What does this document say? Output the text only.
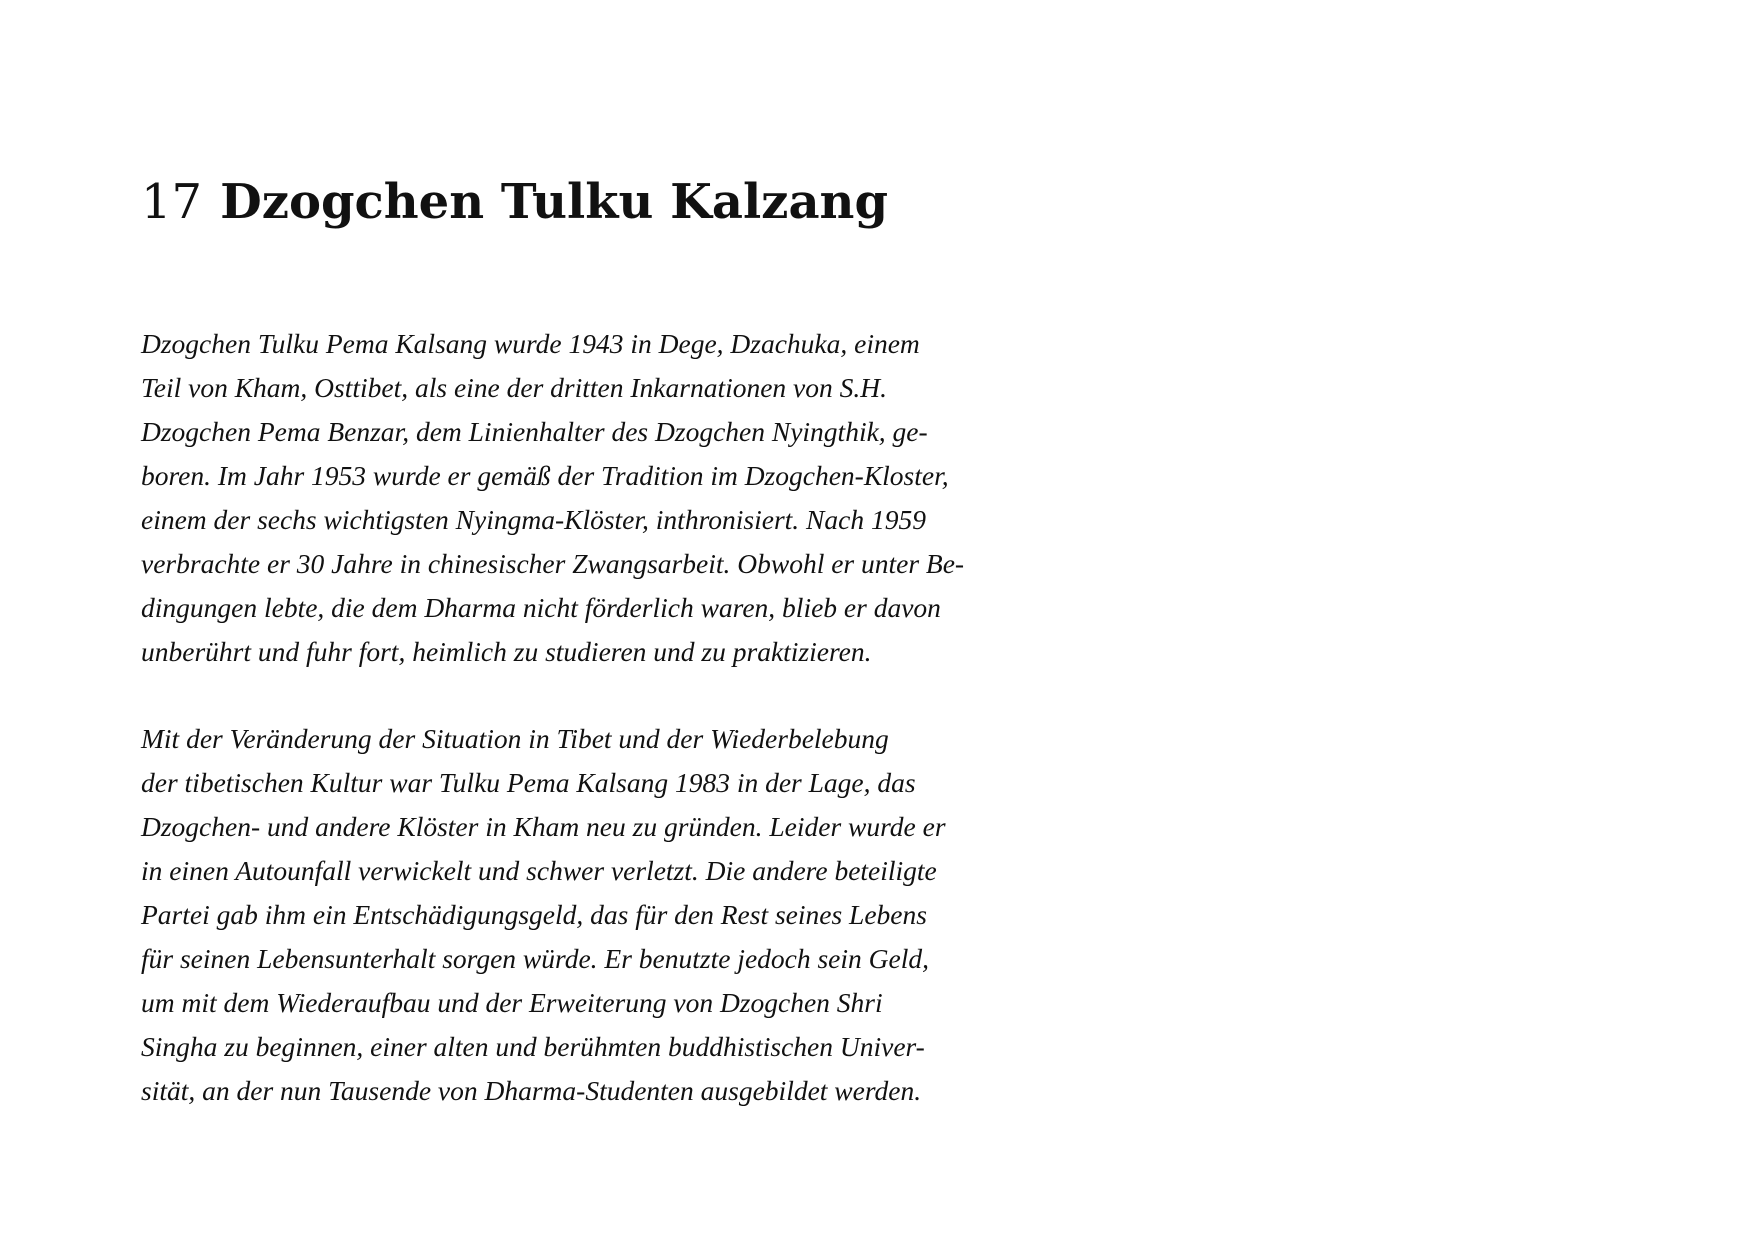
17 Dzogchen Tulku Kalzang
Dzogchen Tulku Pema Kalsang wurde 1943 in Dege, Dzachuka, einem
Teil von Kham, Osttibet, als eine der dritten Inkarnationen von S.H.
Dzogchen Pema Benzar, dem Linienhalter des Dzogchen Nyingthik, ge-
boren. Im Jahr 1953 wurde er gemäß der Tradition im Dzogchen-Kloster,
einem der sechs wichtigsten Nyingma-Klöster, inthronisiert. Nach 1959
verbrachte er 30 Jahre in chinesischer Zwangsarbeit. Obwohl er unter Be-
dingungen lebte, die dem Dharma nicht förderlich waren, blieb er davon
unberührt und fuhr fort, heimlich zu studieren und zu praktizieren.
Mit der Veränderung der Situation in Tibet und der Wiederbelebung
der tibetischen Kultur war Tulku Pema Kalsang 1983 in der Lage, das
Dzogchen- und andere Klöster in Kham neu zu gründen. Leider wurde er
in einen Autounfall verwickelt und schwer verletzt. Die andere beteiligte
Partei gab ihm ein Entschädigungsgeld, das für den Rest seines Lebens
für seinen Lebensunterhalt sorgen würde. Er benutzte jedoch sein Geld,
um mit dem Wiederaufbau und der Erweiterung von Dzogchen Shri
Singha zu beginnen, einer alten und berühmten buddhistischen Univer-
sität, an der nun Tausende von Dharma-Studenten ausgebildet werden.
